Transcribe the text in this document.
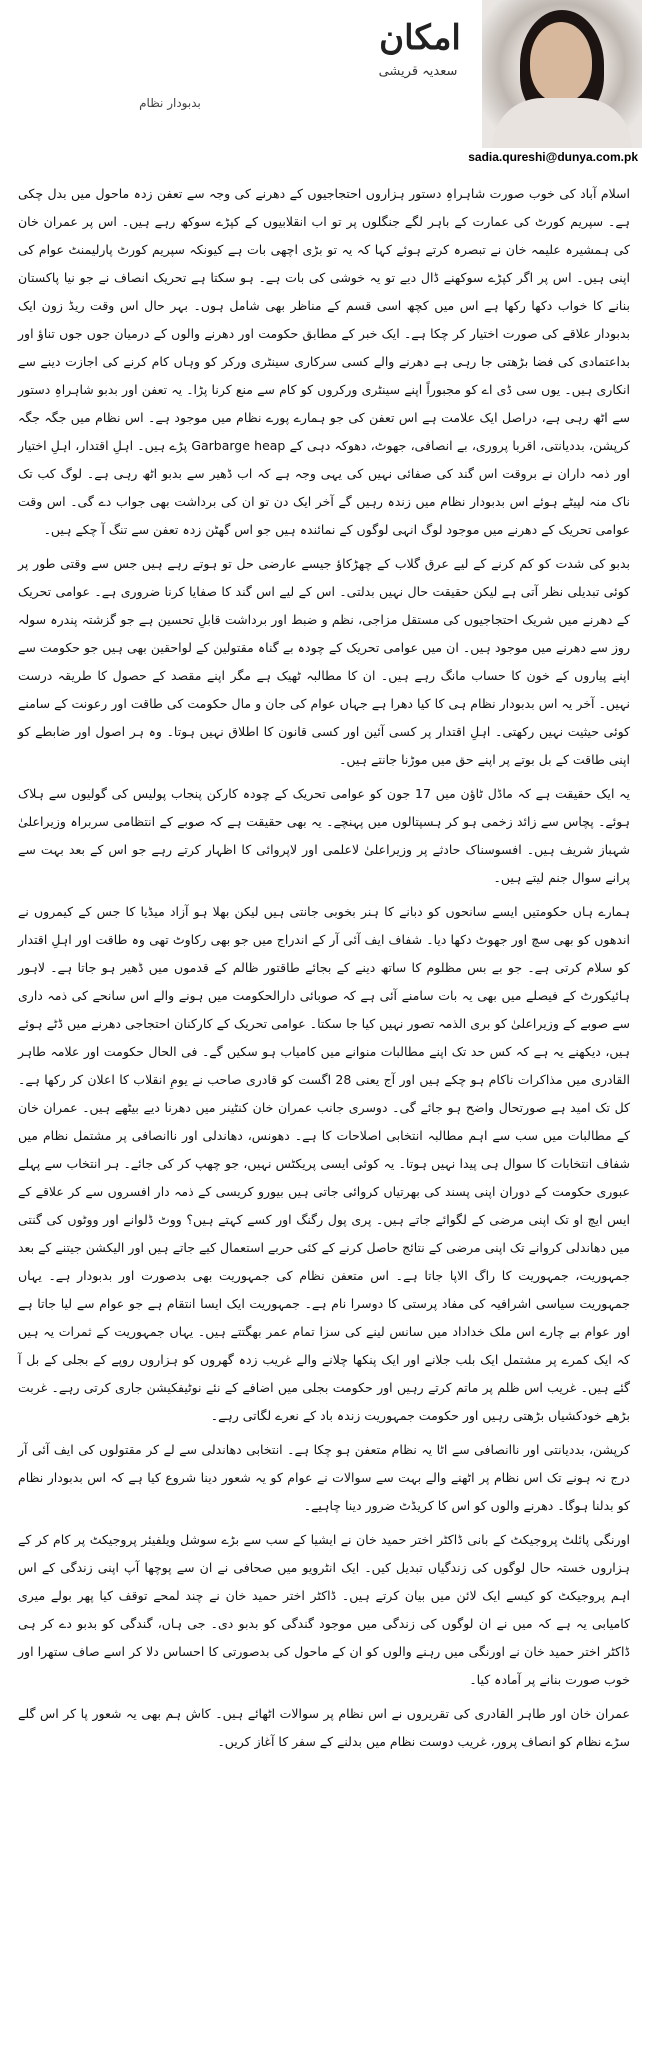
امکان
سعدیہ قریشی
sadia.qureshi@dunya.com.pk
بدبودار نظام

اسلام آباد کی خوب صورت شاہراہِ دستور ہزاروں احتجاجیوں کے دھرنے کی وجہ سے تعفن زدہ ماحول میں بدل چکی ہے۔ سپریم کورٹ کی عمارت کے باہر لگے جنگلوں پر تو اب انقلابیوں کے کپڑے سوکھ رہے ہیں۔ اس پر عمران خان کی ہمشیرہ علیمہ خان نے تبصرہ کرتے ہوئے کہا کہ یہ تو بڑی اچھی بات ہے کیونکہ سپریم کورٹ پارلیمنٹ عوام کی اپنی ہیں۔ اس پر اگر کپڑے سوکھنے ڈال دیے تو یہ خوشی کی بات ہے۔ ہو سکتا ہے تحریک انصاف نے جو نیا پاکستان بنانے کا خواب دکھا رکھا ہے اس میں کچھ اسی قسم کے مناظر بھی شامل ہوں۔ بہر حال اس وقت ریڈ زون ایک بدبودار علاقے کی صورت اختیار کر چکا ہے۔ ایک خبر کے مطابق حکومت اور دھرنے والوں کے درمیان جوں جوں تناؤ اور بداعتمادی کی فضا بڑھتی جا رہی ہے دھرنے والے کسی سرکاری سینٹری ورکر کو وہاں کام کرنے کی اجازت دینے سے انکاری ہیں۔ یوں سی ڈی اے کو مجبوراً اپنے سینٹری ورکروں کو کام سے منع کرنا پڑا۔ یہ تعفن اور بدبو شاہراہِ دستور سے اٹھ رہی ہے، دراصل ایک علامت ہے اس تعفن کی جو ہمارے پورے نظام میں موجود ہے۔ اس نظام میں جگہ جگہ کرپشن، بددیانتی، اقربا پروری، بے انصافی، جھوٹ، دھوکہ دہی کے Garbarge heap پڑے ہیں۔ اہلِ اقتدار، اہلِ اختیار اور ذمہ داران نے بروقت اس گند کی صفائی نہیں کی یہی وجہ ہے کہ اب ڈھیر سے بدبو اٹھ رہی ہے۔ لوگ کب تک ناک منہ لپیٹے ہوئے اس بدبودار نظام میں زندہ رہیں گے آخر ایک دن تو ان کی برداشت بھی جواب دے گی۔ اس وقت عوامی تحریک کے دھرنے میں موجود لوگ انہی لوگوں کے نمائندہ ہیں جو اس گھٹن زدہ تعفن سے تنگ آ چکے ہیں۔

بدبو کی شدت کو کم کرنے کے لیے عرق گلاب کے چھڑکاؤ جیسے عارضی حل تو ہوتے رہے ہیں جس سے وقتی طور پر کوئی تبدیلی نظر آتی ہے لیکن حقیقت حال نہیں بدلتی۔ اس کے لیے اس گند کا صفایا کرنا ضروری ہے۔ عوامی تحریک کے دھرنے میں شریک احتجاجیوں کی مستقل مزاجی، نظم و ضبط اور برداشت قابلِ تحسین ہے جو گزشتہ پندرہ سولہ روز سے دھرنے میں موجود ہیں۔ ان میں عوامی تحریک کے چودہ بے گناہ مقتولین کے لواحقین بھی ہیں جو حکومت سے اپنے پیاروں کے خون کا حساب مانگ رہے ہیں۔ ان کا مطالبہ ٹھیک ہے مگر اپنے مقصد کے حصول کا طریقہ درست نہیں۔ آخر یہ اس بدبودار نظام ہی کا کیا دھرا ہے جہاں عوام کی جان و مال حکومت کی طاقت اور رعونت کے سامنے کوئی حیثیت نہیں رکھتی۔ اہلِ اقتدار پر کسی آئین اور کسی قانون کا اطلاق نہیں ہوتا۔ وہ ہر اصول اور ضابطے کو اپنی طاقت کے بل بوتے پر اپنے حق میں موڑنا جانتے ہیں۔

یہ ایک حقیقت ہے کہ ماڈل ٹاؤن میں 17 جون کو عوامی تحریک کے چودہ کارکن پنجاب پولیس کی گولیوں سے ہلاک ہوئے۔ پچاس سے زائد زخمی ہو کر ہسپتالوں میں پہنچے۔ یہ بھی حقیقت ہے کہ صوبے کے انتظامی سربراہ وزیراعلیٰ شہباز شریف ہیں۔ افسوسناک حادثے پر وزیراعلیٰ لاعلمی اور لاپروائی کا اظہار کرتے رہے جو اس کے بعد بہت سے پرانے سوال جنم لیتے ہیں۔

ہمارے ہاں حکومتیں ایسے سانحوں کو دبانے کا ہنر بخوبی جانتی ہیں لیکن بھلا ہو آزاد میڈیا کا جس کے کیمروں نے اندھوں کو بھی سچ اور جھوٹ دکھا دیا۔ شفاف ایف آئی آر کے اندراج میں جو بھی رکاوٹ تھی وہ طاقت اور اہلِ اقتدار کو سلام کرتی ہے۔ جو بے بس مظلوم کا ساتھ دینے کے بجائے طاقتور ظالم کے قدموں میں ڈھیر ہو جاتا ہے۔ لاہور ہائیکورٹ کے فیصلے میں بھی یہ بات سامنے آئی ہے کہ صوبائی دارالحکومت میں ہونے والے اس سانحے کی ذمہ داری سے صوبے کے وزیراعلیٰ کو بری الذمہ تصور نہیں کیا جا سکتا۔ عوامی تحریک کے کارکنان احتجاجی دھرنے میں ڈٹے ہوئے ہیں، دیکھنے یہ ہے کہ کس حد تک اپنے مطالبات منوانے میں کامیاب ہو سکیں گے۔ فی الحال حکومت اور علامہ طاہر القادری میں مذاکرات ناکام ہو چکے ہیں اور آج یعنی 28 اگست کو قادری صاحب نے یومِ انقلاب کا اعلان کر رکھا ہے۔ کل تک امید ہے صورتحال واضح ہو جائے گی۔ دوسری جانب عمران خان کنٹینر میں دھرنا دیے بیٹھے ہیں۔ عمران خان کے مطالبات میں سب سے اہم مطالبہ انتخابی اصلاحات کا ہے۔ دھونس، دھاندلی اور ناانصافی پر مشتمل نظام میں شفاف انتخابات کا سوال ہی پیدا نہیں ہوتا۔ یہ کوئی ایسی پریکٹس نہیں، جو چھپ کر کی جائے۔ ہر انتخاب سے پہلے عبوری حکومت کے دوران اپنی پسند کی بھرتیاں کروائی جاتی ہیں بیورو کریسی کے ذمہ دار افسروں سے کر علاقے کے ایس ایچ او تک اپنی مرضی کے لگوائے جاتے ہیں۔ پری پول رگنگ اور کسے کہتے ہیں؟ ووٹ ڈلوانے اور ووٹوں کی گنتی میں دھاندلی کروانے تک اپنی مرضی کے نتائج حاصل کرنے کے کئی حربے استعمال کیے جاتے ہیں اور الیکشن جیتنے کے بعد جمہوریت، جمہوریت کا راگ الاپا جاتا ہے۔ اس متعفن نظام کی جمہوریت بھی بدصورت اور بدبودار ہے۔ یہاں جمہوریت سیاسی اشرافیہ کی مفاد پرستی کا دوسرا نام ہے۔ جمہوریت ایک ایسا انتقام ہے جو عوام سے لیا جاتا ہے اور عوام بے چارے اس ملک خداداد میں سانس لینے کی سزا تمام عمر بھگتتے ہیں۔ یہاں جمہوریت کے ثمرات یہ ہیں کہ ایک کمرے پر مشتمل ایک بلب جلانے اور ایک پنکھا چلانے والے غریب زدہ گھروں کو ہزاروں روپے کے بجلی کے بل آ گئے ہیں۔ غریب اس ظلم پر ماتم کرتے رہیں اور حکومت بجلی میں اضافے کے نئے نوٹیفکیشن جاری کرتی رہے۔ غربت بڑھے خودکشیاں بڑھتی رہیں اور حکومت جمہوریت زندہ باد کے نعرے لگاتی رہے۔

کرپشن، بددیانتی اور ناانصافی سے اٹا یہ نظام متعفن ہو چکا ہے۔ انتخابی دھاندلی سے لے کر مقتولوں کی ایف آئی آر درج نہ ہونے تک اس نظام پر اٹھنے والے بہت سے سوالات نے عوام کو یہ شعور دینا شروع کیا ہے کہ اس بدبودار نظام کو بدلنا ہوگا۔ دھرنے والوں کو اس کا کریڈٹ ضرور دینا چاہیے۔

اورنگی پائلٹ پروجیکٹ کے بانی ڈاکٹر اختر حمید خان نے ایشیا کے سب سے بڑے سوشل ویلفیئر پروجیکٹ پر کام کر کے ہزاروں خستہ حال لوگوں کی زندگیاں تبدیل کیں۔ ایک انٹرویو میں صحافی نے ان سے پوچھا آپ اپنی زندگی کے اس اہم پروجیکٹ کو کیسے ایک لائن میں بیان کرتے ہیں۔ ڈاکٹر اختر حمید خان نے چند لمحے توقف کیا پھر بولے میری کامیابی یہ ہے کہ میں نے ان لوگوں کی زندگی میں موجود گندگی کو بدبو دی۔ جی ہاں، گندگی کو بدبو دے کر ہی ڈاکٹر اختر حمید خان نے اورنگی میں رہنے والوں کو ان کے ماحول کی بدصورتی کا احساس دلا کر اسے صاف ستھرا اور خوب صورت بنانے پر آمادہ کیا۔

عمران خان اور طاہر القادری کی تقریروں نے اس نظام پر سوالات اٹھائے ہیں۔ کاش ہم بھی یہ شعور پا کر اس گلے سڑے نظام کو انصاف پرور، غریب دوست نظام میں بدلنے کے سفر کا آغاز کریں۔
